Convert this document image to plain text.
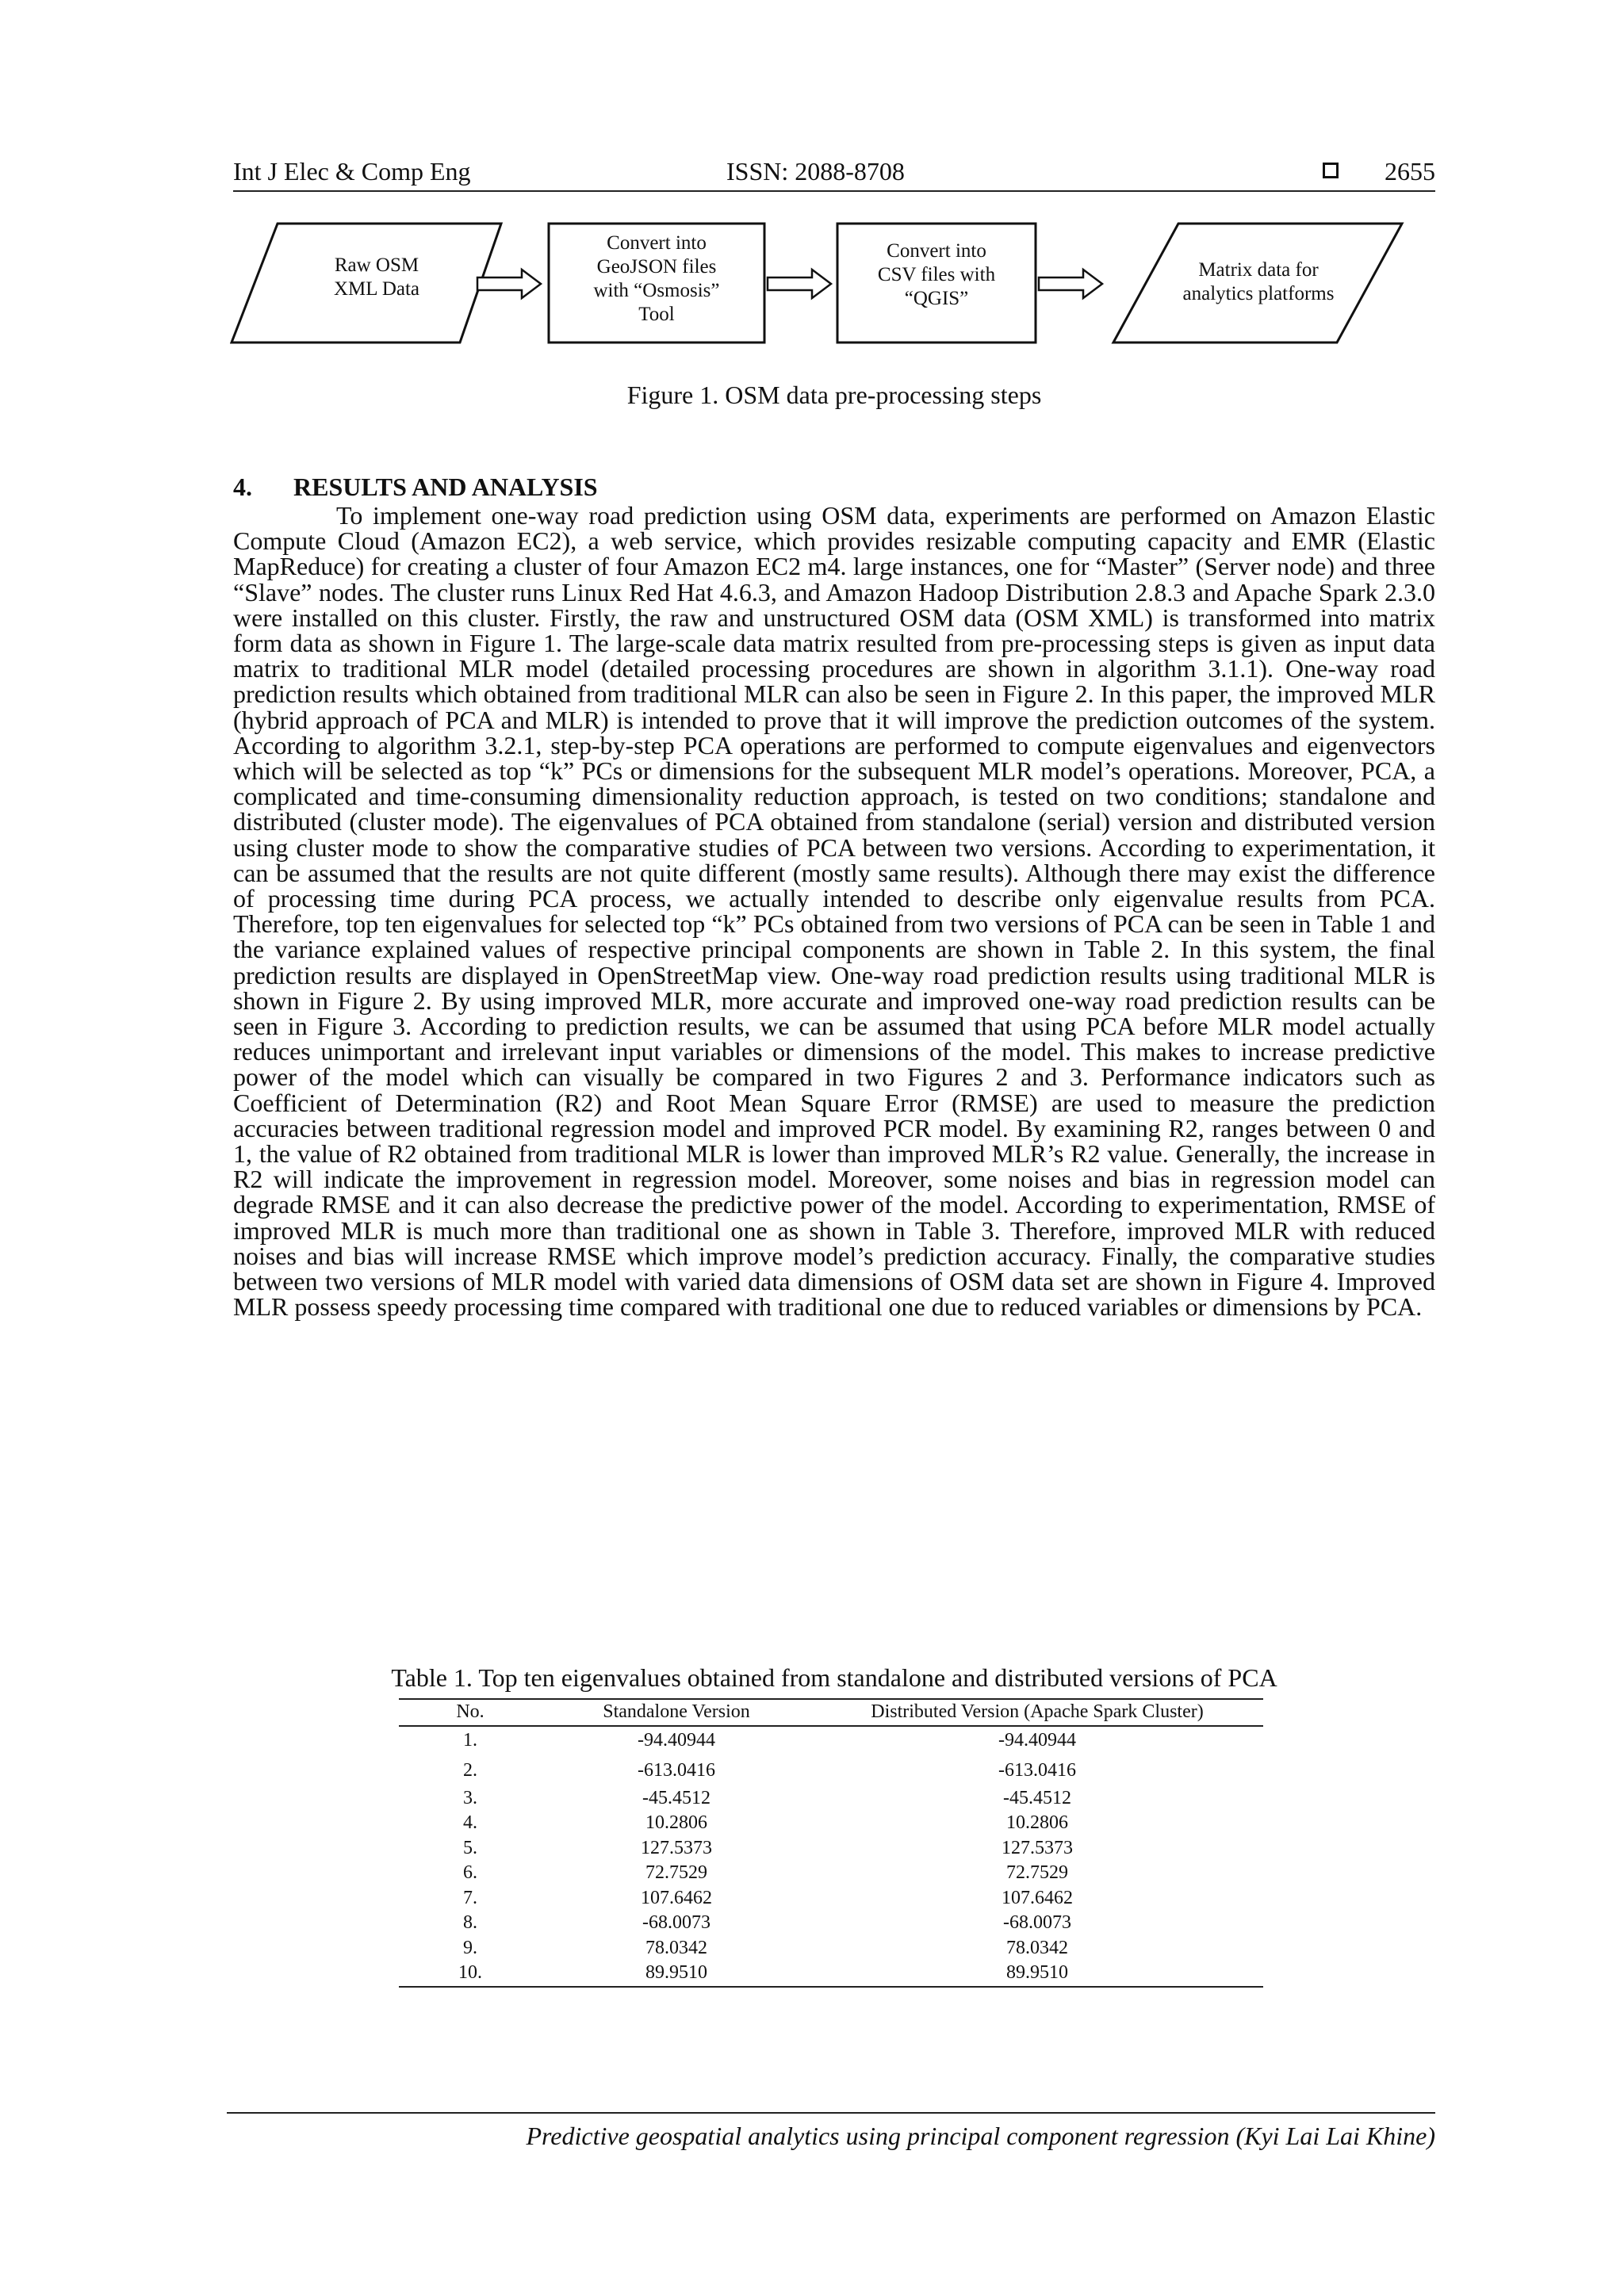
Int J Elec & Comp Eng	ISSN: 2088-8708	2655
Raw OSM
XML Data
Convert into
GeoJSON files
with “Osmosis”
Tool
Convert into
CSV files with
“QGIS”
Matrix data for
analytics platforms
Figure 1. OSM data pre-processing steps
4. RESULTS AND ANALYSIS

To implement one-way road prediction using OSM data, experiments are performed on Amazon Elastic Compute Cloud (Amazon EC2), a web service, which provides resizable computing capacity and EMR (Elastic MapReduce) for creating a cluster of four Amazon EC2 m4. large instances, one for “Master” (Server node) and three “Slave” nodes. The cluster runs Linux Red Hat 4.6.3, and Amazon Hadoop Distribution 2.8.3 and Apache Spark 2.3.0 were installed on this cluster. Firstly, the raw and unstructured OSM data (OSM XML) is transformed into matrix form data as shown in Figure 1. The large-scale data matrix resulted from pre-processing steps is given as input data matrix to traditional MLR model (detailed processing procedures are shown in algorithm 3.1.1). One-way road prediction results which obtained from traditional MLR can also be seen in Figure 2. In this paper, the improved MLR (hybrid approach of PCA and MLR) is intended to prove that it will improve the prediction outcomes of the system. According to algorithm 3.2.1, step-by-step PCA operations are performed to compute eigenvalues and eigenvectors which will be selected as top “k” PCs or dimensions for the subsequent MLR model’s operations. Moreover, PCA, a complicated and time-consuming dimensionality reduction approach, is tested on two conditions; standalone and distributed (cluster mode). The eigenvalues of PCA obtained from standalone (serial) version and distributed version using cluster mode to show the comparative studies of PCA between two versions. According to experimentation, it can be assumed that the results are not quite different (mostly same results). Although there may exist the difference of processing time during PCA process, we actually intended to describe only eigenvalue results from PCA. Therefore, top ten eigenvalues for selected top “k” PCs obtained from two versions of PCA can be seen in Table 1 and the variance explained values of respective principal components are shown in Table 2. In this system, the final prediction results are displayed in OpenStreetMap view. One-way road prediction results using traditional MLR is shown in Figure 2. By using improved MLR, more accurate and improved one-way road prediction results can be seen in Figure 3. According to prediction results, we can be assumed that using PCA before MLR model actually reduces unimportant and irrelevant input variables or dimensions of the model. This makes to increase predictive power of the model which can visually be compared in two Figures 2 and 3. Performance indicators such as Coefficient of Determination (R2) and Root Mean Square Error (RMSE) are used to measure the prediction accuracies between traditional regression model and improved PCR model. By examining R2, ranges between 0 and 1, the value of R2 obtained from traditional MLR is lower than improved MLR’s R2 value. Generally, the increase in R2 will indicate the improvement in regression model. Moreover, some noises and bias in regression model can degrade RMSE and it can also decrease the predictive power of the model. According to experimentation, RMSE of improved MLR is much more than traditional one as shown in Table 3. Therefore, improved MLR with reduced noises and bias will increase RMSE which improve model’s prediction accuracy. Finally, the comparative studies between two versions of MLR model with varied data dimensions of OSM data set are shown in Figure 4. Improved MLR possess speedy processing time compared with traditional one due to reduced variables or dimensions by PCA.

Table 1. Top ten eigenvalues obtained from standalone and distributed versions of PCA
No.	Standalone Version	Distributed Version (Apache Spark Cluster)
1.	-94.40944	-94.40944
2.	-613.0416	-613.0416
3.	-45.4512	-45.4512
4.	10.2806	10.2806
5.	127.5373	127.5373
6.	72.7529	72.7529
7.	107.6462	107.6462
8.	-68.0073	-68.0073
9.	78.0342	78.0342
10.	89.9510	89.9510
Predictive geospatial analytics using principal component regression (Kyi Lai Lai Khine)
